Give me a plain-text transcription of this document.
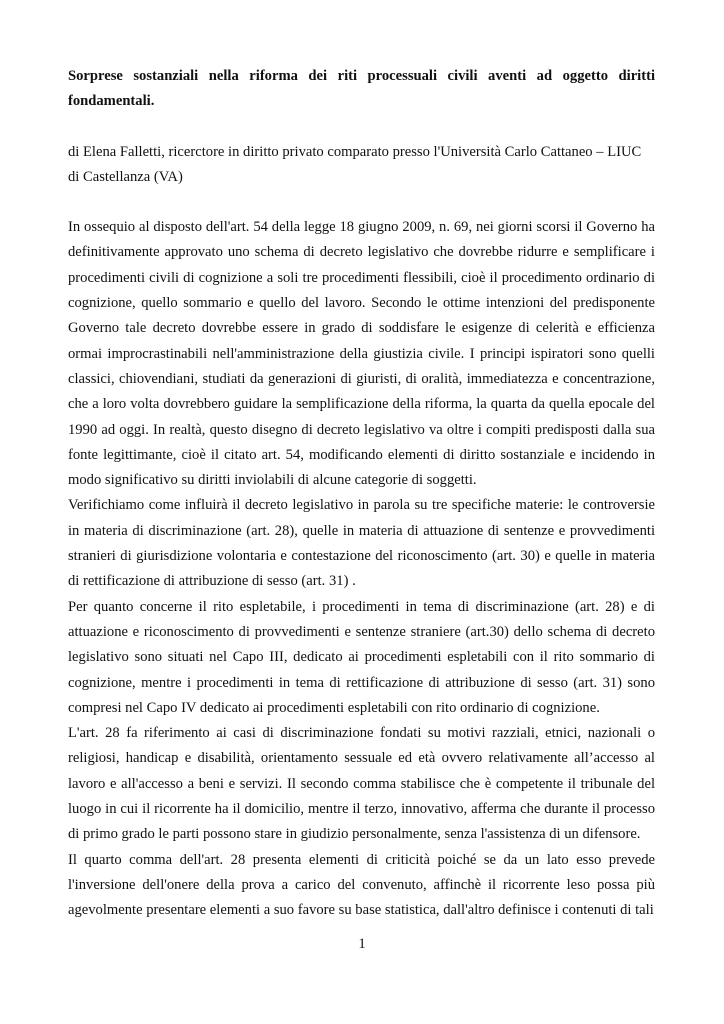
Sorprese sostanziali nella riforma dei riti processuali civili aventi ad oggetto diritti fondamentali.

di Elena Falletti, ricerctore in diritto privato comparato presso l'Università Carlo Cattaneo – LIUC di Castellanza (VA)

In ossequio al disposto dell'art. 54 della legge 18 giugno 2009, n. 69, nei giorni scorsi il Governo ha definitivamente approvato uno schema di decreto legislativo che dovrebbe ridurre e semplificare i procedimenti civili di cognizione a soli tre procedimenti flessibili, cioè il procedimento ordinario di cognizione, quello sommario e quello del lavoro. Secondo le ottime intenzioni del predisponente Governo tale decreto dovrebbe essere in grado di soddisfare le esigenze di celerità e efficienza ormai improcrastinabili nell'amministrazione della giustizia civile. I principi ispiratori sono quelli classici, chiovendiani, studiati da generazioni di giuristi, di oralità, immediatezza e concentrazione, che a loro volta dovrebbero guidare la semplificazione della riforma, la quarta da quella epocale del 1990 ad oggi. In realtà, questo disegno di decreto legislativo va oltre i compiti predisposti dalla sua fonte legittimante, cioè il citato art. 54, modificando elementi di diritto sostanziale e incidendo in modo significativo su diritti inviolabili di alcune categorie di soggetti.

Verifichiamo come influirà il decreto legislativo in parola su tre specifiche materie: le controversie in materia di discriminazione (art. 28), quelle in materia di attuazione di sentenze e provvedimenti stranieri di giurisdizione volontaria e contestazione del riconoscimento (art. 30) e quelle in materia di rettificazione di attribuzione di sesso (art. 31) .

Per quanto concerne il rito espletabile, i procedimenti in tema di discriminazione (art. 28) e di attuazione e riconoscimento di provvedimenti e sentenze straniere (art.30) dello schema di decreto legislativo sono situati nel Capo III, dedicato ai procedimenti espletabili con il rito sommario di cognizione, mentre i procedimenti in tema di rettificazione di attribuzione di sesso (art. 31) sono compresi nel Capo IV dedicato ai procedimenti espletabili con rito ordinario di cognizione.

L'art. 28 fa riferimento ai casi di discriminazione fondati su motivi razziali, etnici, nazionali o religiosi, handicap e disabilità, orientamento sessuale ed età ovvero relativamente all’accesso al lavoro e all'accesso a beni e servizi. Il secondo comma stabilisce che è competente il tribunale del luogo in cui il ricorrente ha il domicilio, mentre il terzo, innovativo, afferma che durante il processo di primo grado le parti possono stare in giudizio personalmente, senza l'assistenza di un difensore.

Il quarto comma dell'art. 28 presenta elementi di criticità poiché se da un lato esso prevede l'inversione dell'onere della prova a carico del convenuto, affinchè il ricorrente leso possa più agevolmente presentare elementi a suo favore su base statistica, dall'altro definisce i contenuti di tali

1
